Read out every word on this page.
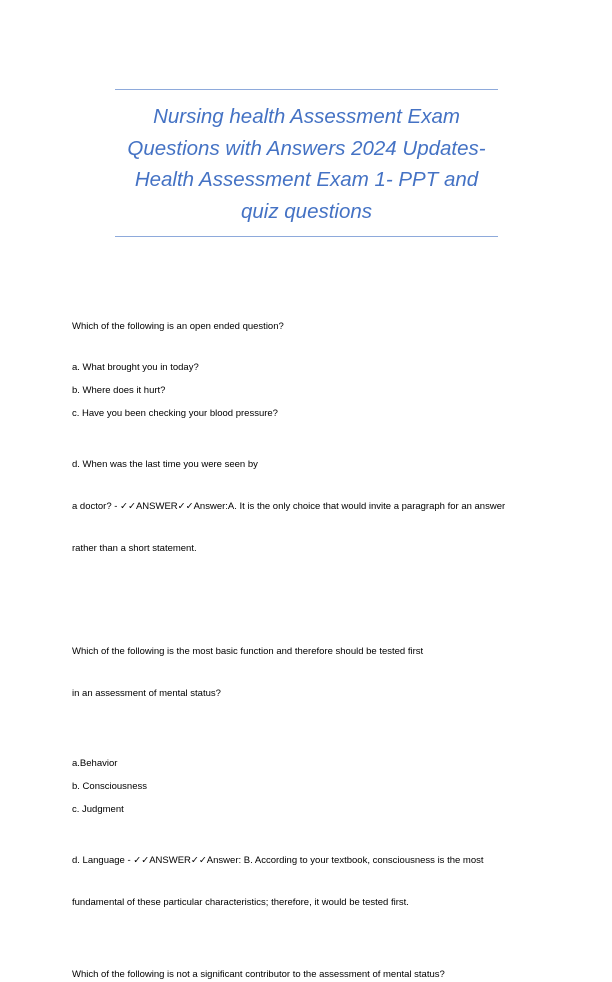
Nursing health Assessment Exam
Questions with Answers 2024 Updates-
Health Assessment Exam 1- PPT and
quiz questions

Which of the following is an open ended question?

a. What brought you in today?

b. Where does it hurt?

c. Have you been checking your blood pressure?

d. When was the last time you were seen by

a doctor? - ✓✓ANSWER✓✓Answer:A. It is the only choice that would invite a paragraph for an answer

rather than a short statement.

Which of the following is the most basic function and therefore should be tested first

in an assessment of mental status?

a.Behavior

b. Consciousness

c. Judgment

d. Language - ✓✓ANSWER✓✓Answer: B. According to your textbook, consciousness is the most

fundamental of these particular characteristics; therefore, it would be tested first.

Which of the following is not a significant contributor to the assessment of mental status?
